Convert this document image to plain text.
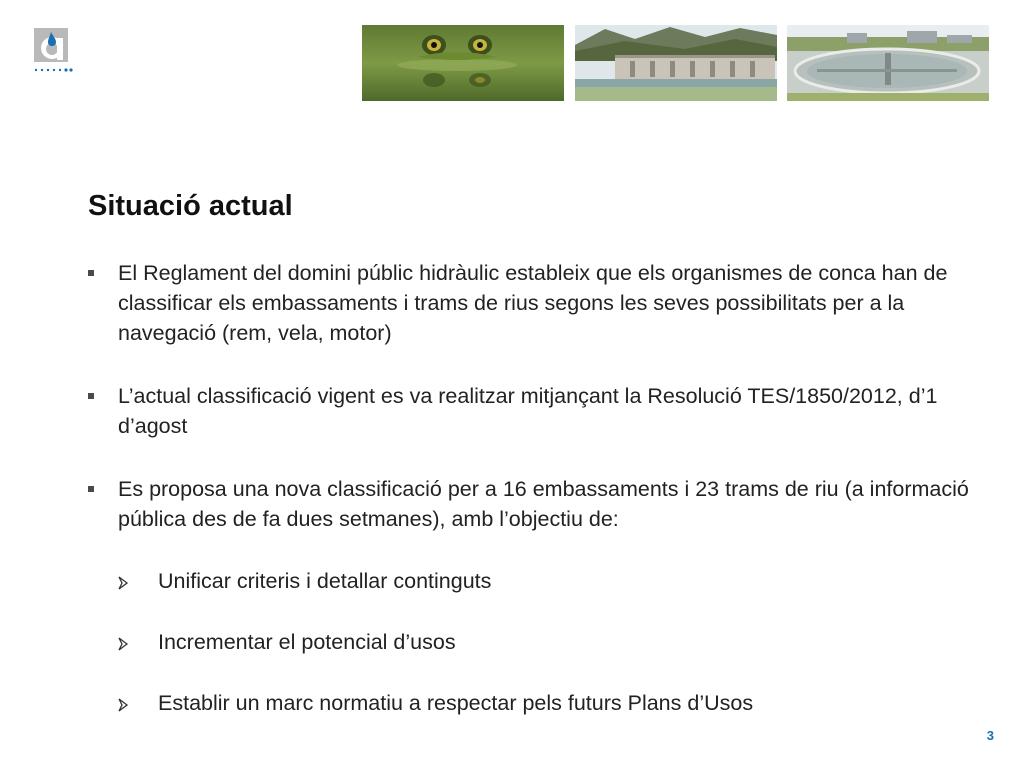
Situació actual
El Reglament del domini públic hidràulic estableix que els organismes de conca han de classificar els embassaments i trams de rius segons les seves possibilitats per a la navegació (rem, vela, motor)
L’actual classificació vigent es va realitzar mitjançant la Resolució TES/1850/2012, d’1 d’agost
Es proposa una nova classificació per a 16 embassaments i 23 trams de riu (a informació pública des de fa dues setmanes), amb l’objectiu de:
Unificar criteris i detallar continguts
Incrementar el potencial d’usos
Establir un marc normatiu a respectar pels futurs Plans d’Usos
3
